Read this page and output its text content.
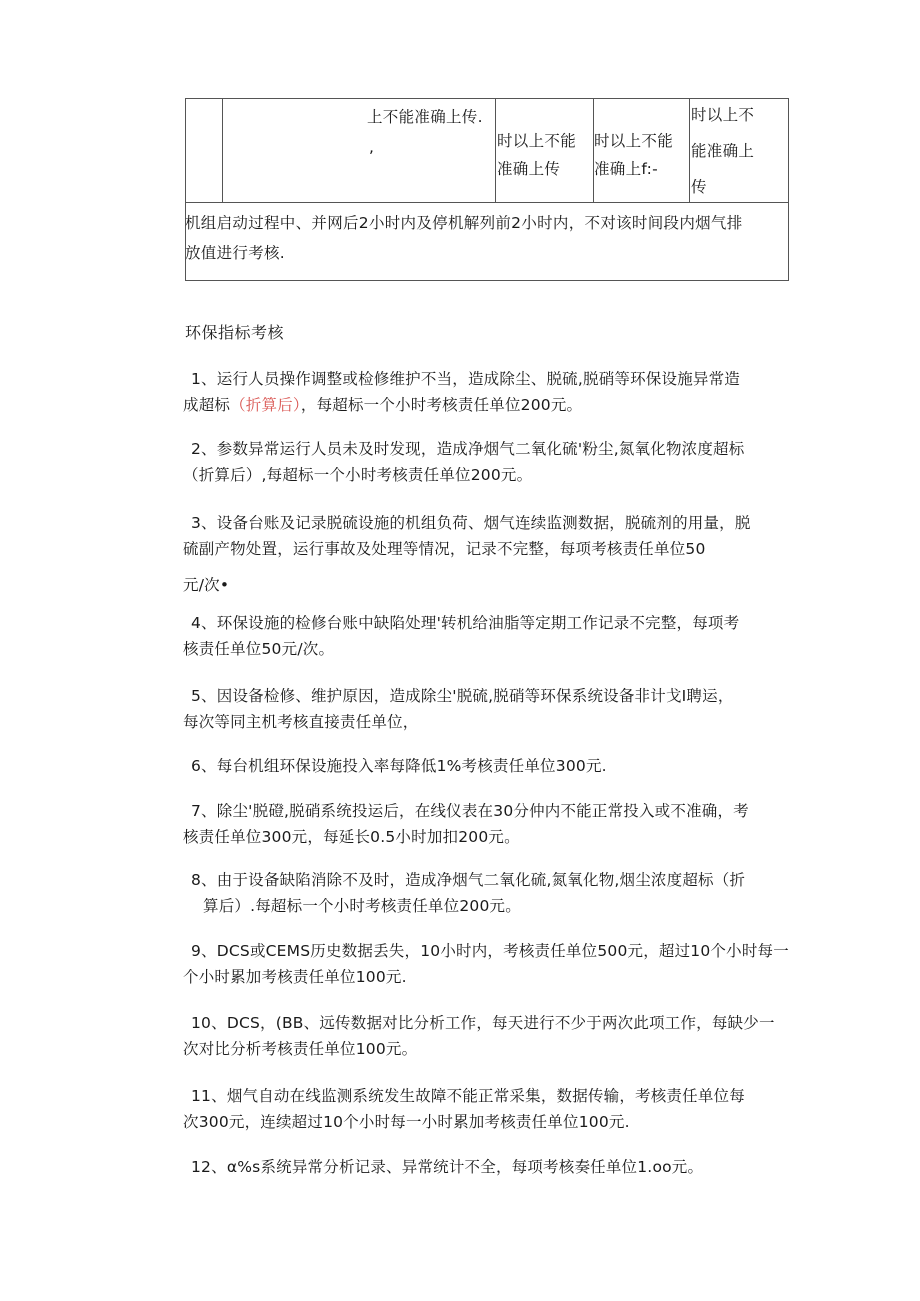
上不能准确上传.
,	时以上不能
准确上传
时以上不能
准确上f:-
时以上不
能准确上
传
机组启动过程中、并网后2小时内及停机解列前2小时内，不对该时间段内烟气排
放值进行考核.
环保指标考核
1、运行人员操作调整或检修维护不当，造成除尘、脱硫,脱硝等环保设施异常造
成超标（折算后），每超标一个小时考核责任单位200元。
2、参数异常运行人员未及时发现，造成净烟气二氧化硫'粉尘,氮氧化物浓度超标
（折算后）,每超标一个小时考核责任单位200元。
3、设备台账及记录脱硫设施的机组负荷、烟气连续监测数据，脱硫剂的用量，脱
硫副产物处置，运行事故及处理等情况，记录不完整，每项考核责任单位50
元/次•
4、环保设施的检修台账中缺陷处理'转机给油脂等定期工作记录不完整，每项考
核责任单位50元/次。
5、因设备检修、维护原因，造成除尘'脱硫,脱硝等环保系统设备非计戈I聘运，
每次等同主机考核直接责任单位，
6、每台机组环保设施投入率每降低1%考核责任单位300元.
7、除尘'脱磴,脱硝系统投运后，在线仪表在30分仲内不能正常投入或不准确，考
核责任单位300元，每延长0.5小时加扣200元。
8、由于设备缺陷消除不及时，造成净烟气二氧化硫,氮氧化物,烟尘浓度超标（折
算后）.每超标一个小时考核责任单位200元。
9、DCS或CEMS历史数据丢失，10小时内，考核责任单位500元，超过10个小时每一
个小时累加考核责任单位100元.
10、DCS，(BB、远传数据对比分析工作，每天进行不少于两次此项工作，每缺少一
次对比分析考核责任单位100元。
11、烟气自动在线监测系统发生故障不能正常采集，数据传输，考核责任单位每
次300元，连续超过10个小时每一小时累加考核责任单位100元.
12、α%s系统异常分析记录、异常统计不全，每项考核奏任单位1.oo元。
